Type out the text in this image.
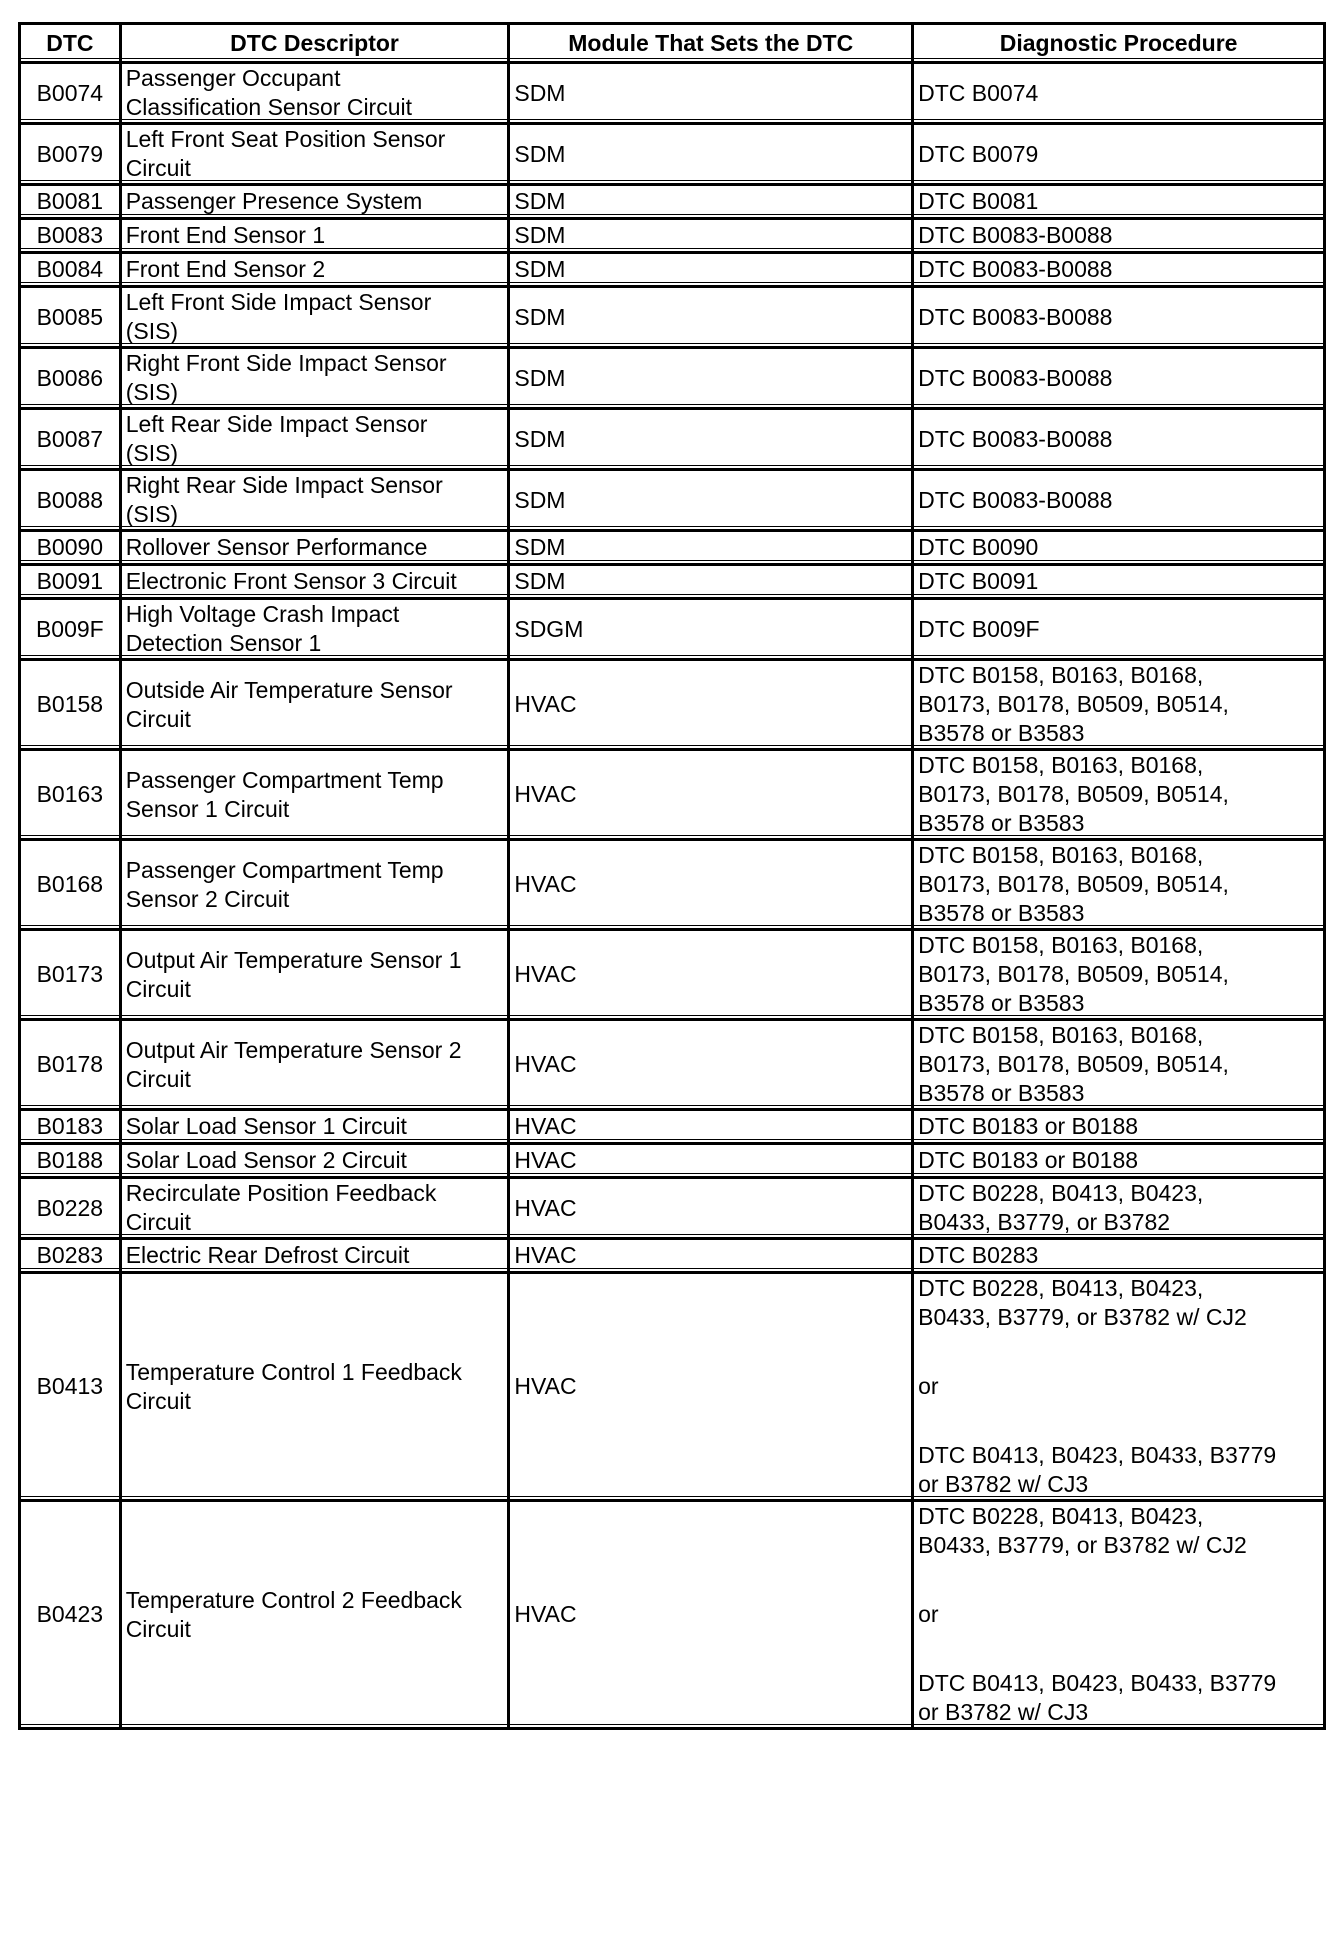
DTC	DTC Descriptor	Module That Sets the DTC	Diagnostic Procedure

B0074	Passenger Occupant
Classification Sensor Circuit	SDM	DTC B0074

B0079	Left Front Seat Position Sensor
Circuit	SDM	DTC B0079

B0081	Passenger Presence System	SDM	DTC B0081

B0083	Front End Sensor 1	SDM	DTC B0083-B0088

B0084	Front End Sensor 2	SDM	DTC B0083-B0088

B0085	Left Front Side Impact Sensor
(SIS)	SDM	DTC B0083-B0088

B0086	Right Front Side Impact Sensor
(SIS)	SDM	DTC B0083-B0088

B0087	Left Rear Side Impact Sensor
(SIS)	SDM	DTC B0083-B0088

B0088	Right Rear Side Impact Sensor
(SIS)	SDM	DTC B0083-B0088

B0090	Rollover Sensor Performance	SDM	DTC B0090

B0091	Electronic Front Sensor 3 Circuit	SDM	DTC B0091

B009F	High Voltage Crash Impact
Detection Sensor 1	SDGM	DTC B009F

B0158	Outside Air Temperature Sensor
Circuit	HVAC	DTC B0158, B0163, B0168,
B0173, B0178, B0509, B0514,
B3578 or B3583

B0163	Passenger Compartment Temp
Sensor 1 Circuit	HVAC	DTC B0158, B0163, B0168,
B0173, B0178, B0509, B0514,
B3578 or B3583

B0168	Passenger Compartment Temp
Sensor 2 Circuit	HVAC	DTC B0158, B0163, B0168,
B0173, B0178, B0509, B0514,
B3578 or B3583

B0173	Output Air Temperature Sensor 1
Circuit	HVAC	DTC B0158, B0163, B0168,
B0173, B0178, B0509, B0514,
B3578 or B3583

B0178	Output Air Temperature Sensor 2
Circuit	HVAC	DTC B0158, B0163, B0168,
B0173, B0178, B0509, B0514,
B3578 or B3583

B0183	Solar Load Sensor 1 Circuit	HVAC	DTC B0183 or B0188

B0188	Solar Load Sensor 2 Circuit	HVAC	DTC B0183 or B0188

B0228	Recirculate Position Feedback
Circuit	HVAC	DTC B0228, B0413, B0423,
B0433, B3779, or B3782

B0283	Electric Rear Defrost Circuit	HVAC	DTC B0283

B0413	Temperature Control 1 Feedback
Circuit	HVAC	DTC B0228, B0413, B0423,
B0433, B3779, or B3782 w/ CJ2
or
DTC B0413, B0423, B0433, B3779
or B3782 w/ CJ3

B0423	Temperature Control 2 Feedback
Circuit	HVAC	DTC B0228, B0413, B0423,
B0433, B3779, or B3782 w/ CJ2
or
DTC B0413, B0423, B0433, B3779
or B3782 w/ CJ3
